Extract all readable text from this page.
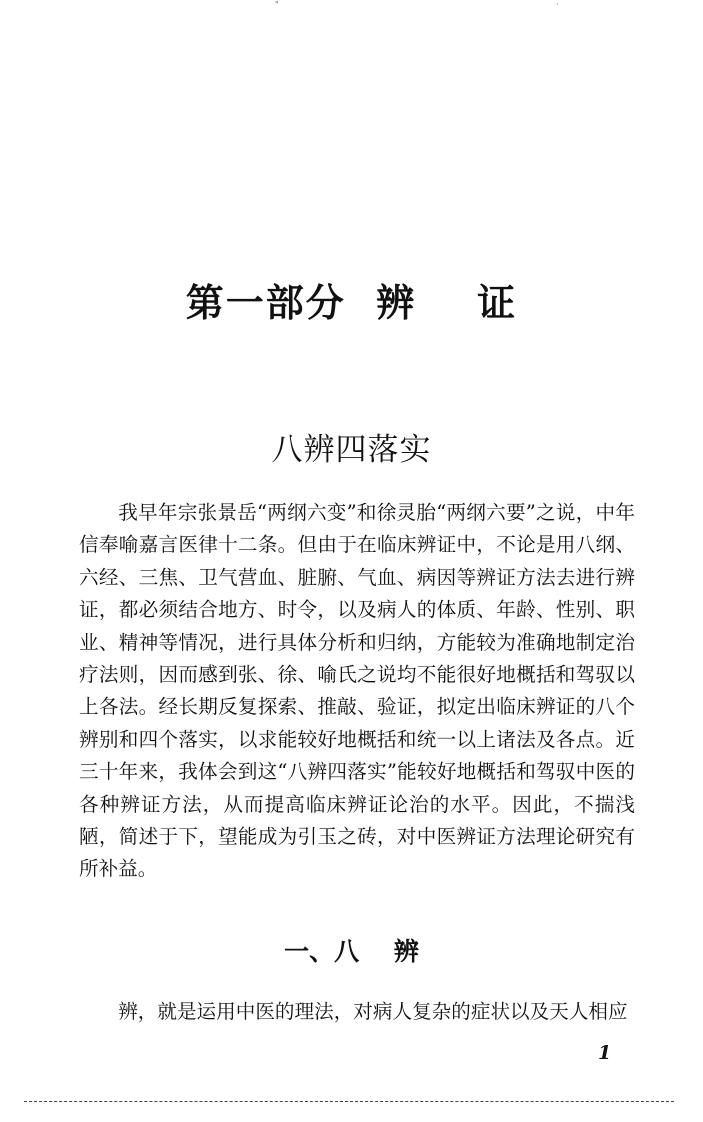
"	·
第一部分  辨    证
八辨四落实

我早年宗张景岳“两纲六变”和徐灵胎“两纲六要”之说，中年信奉喻嘉言医律十二条。但由于在临床辨证中，不论是用八纲、六经、三焦、卫气营血、脏腑、气血、病因等辨证方法去进行辨证，都必须结合地方、时令，以及病人的体质、年龄、性别、职业、精神等情况，进行具体分析和归纳，方能较为准确地制定治疗法则，因而感到张、徐、喻氏之说均不能很好地概括和驾驭以上各法。经长期反复探索、推敲、验证，拟定出临床辨证的八个辨别和四个落实，以求能较好地概括和统一以上诸法及各点。近三十年来，我体会到这“八辨四落实”能较好地概括和驾驭中医的各种辨证方法，从而提高临床辨证论治的水平。因此，不揣浅陋，简述于下，望能成为引玉之砖，对中医辨证方法理论研究有所补益。

一、八    辨

辨，就是运用中医的理法，对病人复杂的症状以及天人相应

1
